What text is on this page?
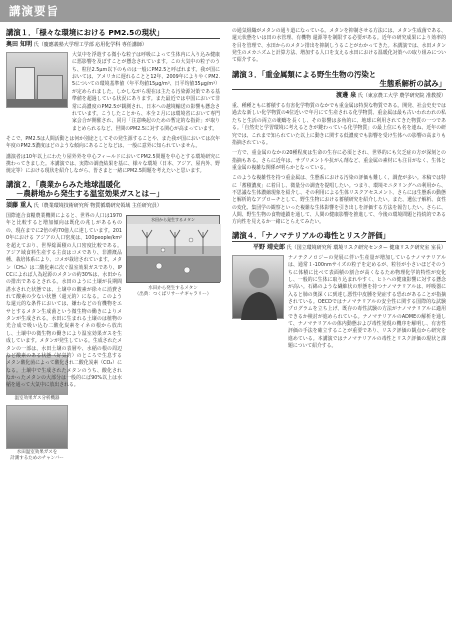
講演要旨
講演１．「様々な環境における PM2.5の現状」
奥田 知明 氏（慶應義塾大学理工学部 応用化学科 専任講師）

大気中を浮遊する微小な粒子は呼吸によって生体内に入り込み健康に悪影響を及ぼすことが懸念されています。この大気中の粒子のうち、粒径2.5μm以下のものは一般にPM2.5と呼ばれます。我が国においては、アメリカに遅れることと12年、2009年によりやくPM2.5についての環境基準値（年平均値15μg/m³、日平均値35μg/m³）が定められました。しかしながら現在は主たる汚染源対策である基準値を超過している状況にあります。また最近では中国において非常に高濃度のPM2.5が観測され、日本への越境輸送の影響も懸念されています。こうしたことから、本全２月には環境省において専門家会合が開催され、同月「注意喚起のための暫定的な指針」が取りまとめられるなど、世間のPM2.5に対する関心が高まっています。

そこで、PM2.5は人間活動とは何か別途としてその発生源することや、また我が国においては次年年度のPM2.5濃度はどのような傾向にあることなどは、一般に意外に知られていません。

講演者は10年以上にわたり屋外外を中心フィールドにおいてPM2.5問題を中心とする環境研究に携わってきました。本講演では、実際の調査結果を基に、様々な環境（日本、アジア、屋内外、野焼定等）における現状を紹介しながら、皆さまと一緒にPM2.5問題を考えたいと思います。

講演２．「農業からみた地球温暖化
－農耕地から発生する温室効果ガスとは－」
須藤 重人 氏（農業環境技術研究所 物質循環研究領域 主任研究員）
水田から発生するメタン
水田から発生するメタン
（出典：つくばリサーチギャラリー）
温室効果ガス分析機器
水田温室効果ガスを
計測するためのチャンバー

国際連合食糧農業機関によると、世界の人口は1970年と比較すると増加傾向は既化の兆しがあるものの、現在までに2倍の約70億人に達しています。2010年における アジアの人口密度は、100people/km²を超えており、世界総面積の人口密度比較である。アジア域食料生産する主食はコメであり、非灌漑品種、栽培体系により、コメが栽培されています。メタン（CH₄）は二酸化素に次ぐ温室効果ガスであり、IPCCによれば人為起源のメタンの約30%は、水田からの排出であるとされる。水田のように土壌が長期間湛水された状態では、土壌中の酸素が徐々に消費されて酸素の少ない状態（還元的）になる。このような還元的な条件においては、嫌わなどの有機物をエサとするメタン生成菌という微生物の働きによりメタンが生成される。水田に生まれる土壌のは植物の光合成で吸い込む二酸化炭素をイネの根から放出し、土壌中の微生物の働きにより温室効果ガスを生成しています。メタンが発生している。生成されたメタンの一部は、水田土壌の表層や、水稲の根の周辺など酸素のある状態（好気的）のところで生息するメタン酸化菌によって酸化され二酸化炭素（CO₂）になる。土壌中で生成されたメタンのうち、酸化されなかったメタンの大部分は一般的にば90%以上は水稲を通って大気中に放出される。

の通気組織がメタンの通り道になっている。メタンを抑制させる方法には、メタン生成菌である、還元状態をいは田の水管理、有機物 還源等を制限する必要がある。近年の研究成果により効率的を目を管理で、水田からのメタン排出を抑制しうることがわかってきた。本講演では、水田メタン発生のメカニズムと計算方法、増加する人口を支える水田における温暖化対策への取り組みについて紹介する。

講演３．「重金属類による野生生物の汚染と
生態系解析の試み」
渡邊 泉 氏（東京農工大学 農学研究院 准教授）

重、種種ともに蓄積する有害化学物質のなかでも重金属は特異な物質である。開発、社会史史では過去な新しい化学物質の4位近いで年月にて生産される化学物質、重金属は最も古いわれわれの私たちと生活の両立の範疇を長くし、その影響は多角的に、地球に利用されてきた物質の一つである。「自然史と学習環境に考えるときが鍵わっている化学物質」の最上位にも名を連ね、近年の研究では、これまで知られていた以上に動きに関する低濃度でも影響を受け生体への影響の高まりも指摘されている。

一方で、重金属のなかの20種程度は生命の生存に必須とされ、世界的にも欠乏症の方が深刻との指摘もある。さらに近年は、サプリメントや抗がん剤など、重金属の素材にも注目がなく、生体と重金属の複雑な関係が明らかとなっている。

このような複雑性を持つ重金属は、生態系における汚染の評価も難しく、調査が多い。本稿では特に「蓄積濃度」に着目し、微量分の調査を提唱したい。つまり、環境モニタリングへの利用から、不思議な生体濃縮現象を紹介し、その利用による生体リスクアセスメント、さらには生態系の動態と解析的なアプローチとして、野生生物における蓄積研究を紹介したい。また、遺伝子解析、食性の変化、集団学の観察といった複雑な生体影響を引き出しを評価する方法を報告したい。さらに、人間、野生生物の食物連鎖を通して、人間の健康影響を推進して、今後の環境問題と持続的である方向性を見えるか一緒にとらえてみたい。

講演４．「ナノマテリアルの毒性とリスク評価」
平野 靖史郎 氏（国立環境研究所 環境リスク研究センター 健康リスク研究室 室長）

ナノテクノロジーの発展に伴い生産量が増加しているナノマテリアルは、通常１-100nmサイズの粒子を定めるが、粒径が小さいほどそのうちに体積に比べて表面積の割合が高くなるため物理化学的特性が変化し、一般的に生体に取り込まれやすく、ヒトへの健康影響に対する懸念が高い。石綿のような繊維状の形態を持つナノマテリアルは、呼吸器に入ると肺の奥深くに到達し悪性中皮腫を発症する恐れがあることが指摘されている。OECDではナノマテリアルの安全性に関する国際的な試験プログラムを立ち上げ、既存の毒性試験の方法がナノマテリアルに適用できるか検討が進められている。ナノマテリアルのADMEの解析を通して、ナノマテリアルの体内動態および毒性発現の機序を解明し、有害性評価の手法を確立することが重要であり、リスク評価の観点から研究を進めている。本講演ではナノマテリアルの毒性とリスク評価の現状と課題について紹介する。
